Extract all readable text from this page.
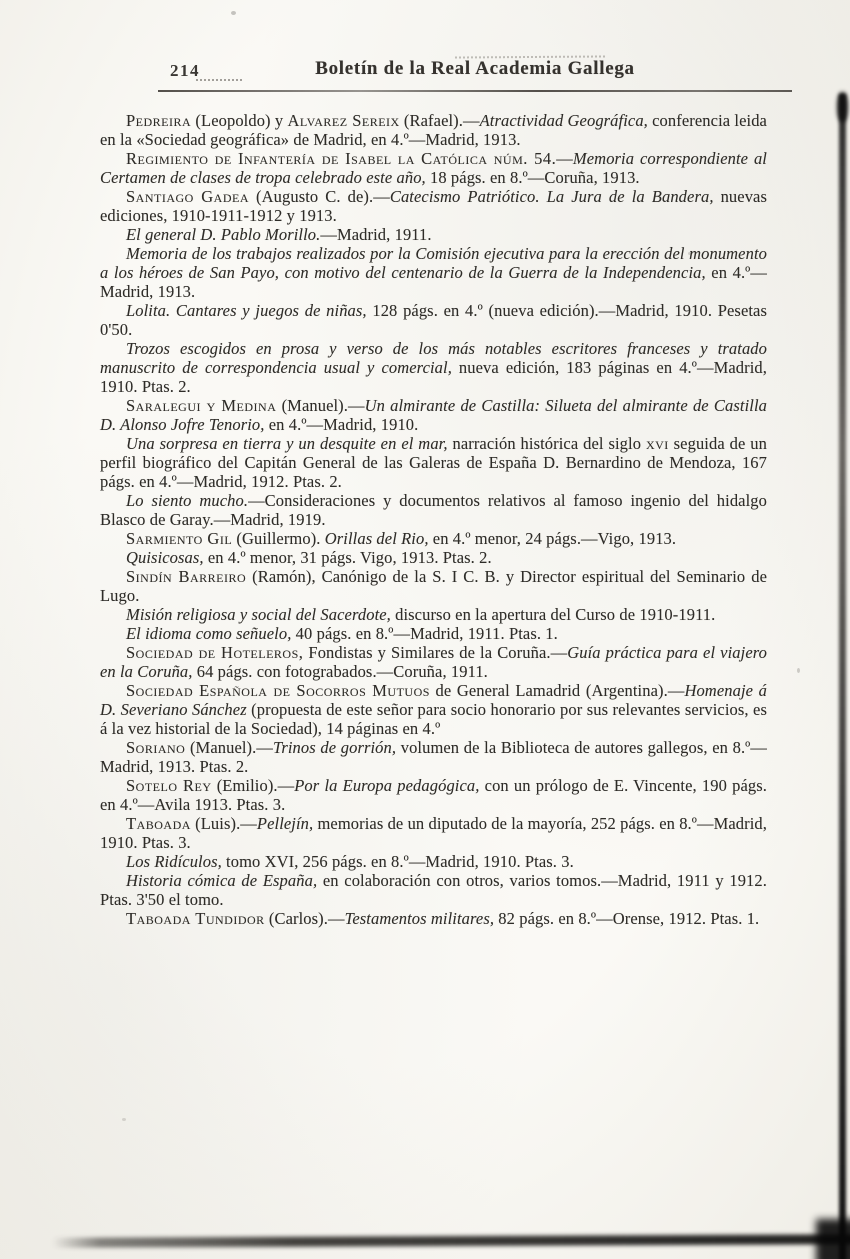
214	Boletín de la Real Academia Gallega

Pedreira (Leopoldo) y Alvarez Sereix (Rafael).—Atractividad Geográfica, conferencia leida en la «Sociedad geográfica» de Madrid, en 4.º—Madrid, 1913.

Regimiento de Infantería de Isabel la Católica núm. 54.—Memoria correspondiente al Certamen de clases de tropa celebrado este año, 18 págs. en 8.º—Coruña, 1913.

Santiago Gadea (Augusto C. de).—Catecismo Patriótico. La Jura de la Bandera, nuevas ediciones, 1910-1911-1912 y 1913.

El general D. Pablo Morillo.—Madrid, 1911.

Memoria de los trabajos realizados por la Comisión ejecutiva para la erección del monumento a los héroes de San Payo, con motivo del centenario de la Guerra de la Independencia, en 4.º—Madrid, 1913.

Lolita. Cantares y juegos de niñas, 128 págs. en 4.º (nueva edición).—Madrid, 1910. Pesetas 0'50.

Trozos escogidos en prosa y verso de los más notables escritores franceses y tratado manuscrito de correspondencia usual y comercial, nueva edición, 183 páginas en 4.º—Madrid, 1910. Ptas. 2.

Saralegui y Medina (Manuel).—Un almirante de Castilla: Silueta del almirante de Castilla D. Alonso Jofre Tenorio, en 4.º—Madrid, 1910.

Una sorpresa en tierra y un desquite en el mar, narración histórica del siglo xvi seguida de un perfil biográfico del Capitán General de las Galeras de España D. Bernardino de Mendoza, 167 págs. en 4.º—Madrid, 1912. Ptas. 2.

Lo siento mucho.—Consideraciones y documentos relativos al famoso ingenio del hidalgo Blasco de Garay.—Madrid, 1919.

Sarmiento Gil (Guillermo). Orillas del Rio, en 4.º menor, 24 págs.—Vigo, 1913.

Quisicosas, en 4.º menor, 31 págs. Vigo, 1913. Ptas. 2.

Sindín Barreiro (Ramón), Canónigo de la S. I C. B. y Director espiritual del Seminario de Lugo.

Misión religiosa y social del Sacerdote, discurso en la apertura del Curso de 1910-1911.

El idioma como señuelo, 40 págs. en 8.º—Madrid, 1911. Ptas. 1.

Sociedad de Hoteleros, Fondistas y Similares de la Coruña.—Guía práctica para el viajero en la Coruña, 64 págs. con fotograbados.—Coruña, 1911.

Sociedad Española de Socorros Mutuos de General Lamadrid (Argentina).—Homenaje á D. Severiano Sánchez (propuesta de este señor para socio honorario por sus relevantes servicios, es á la vez historial de la Sociedad), 14 páginas en 4.º

Soriano (Manuel).—Trinos de gorrión, volumen de la Biblioteca de autores gallegos, en 8.º—Madrid, 1913. Ptas. 2.

Sotelo Rey (Emilio).—Por la Europa pedagógica, con un prólogo de E. Vincente, 190 págs. en 4.º—Avila 1913. Ptas. 3.

Taboada (Luis).—Pellejín, memorias de un diputado de la mayoría, 252 págs. en 8.º—Madrid, 1910. Ptas. 3.

Los Ridículos, tomo XVI, 256 págs. en 8.º—Madrid, 1910. Ptas. 3.

Historia cómica de España, en colaboración con otros, varios tomos.—Madrid, 1911 y 1912. Ptas. 3'50 el tomo.

Taboada Tundidor (Carlos).—Testamentos militares, 82 págs. en 8.º—Orense, 1912. Ptas. 1.
